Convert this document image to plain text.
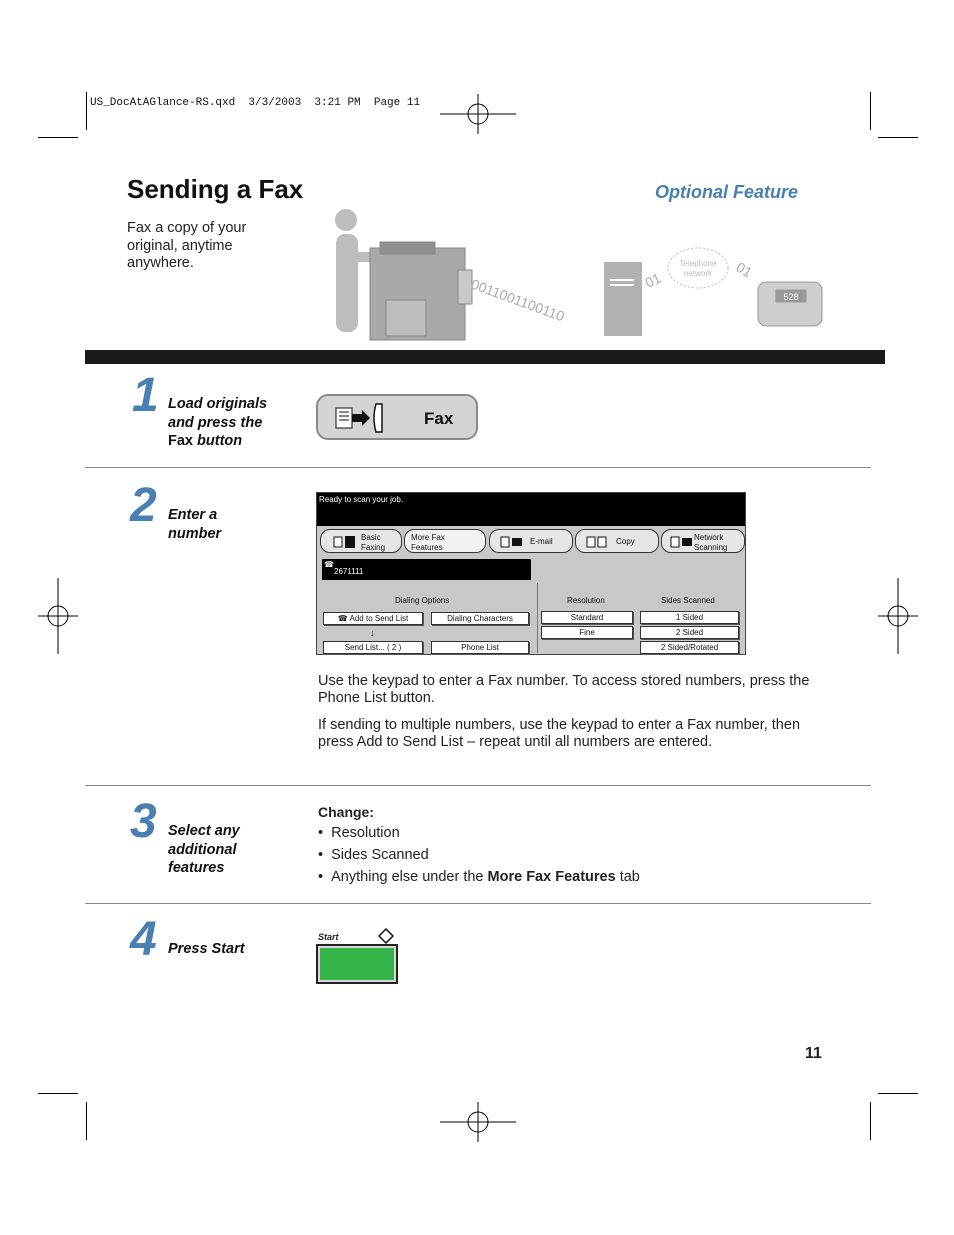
US_DocAtAGlance-RS.qxd  3/3/2003  3:21 PM  Page 11
Sending a Fax	Optional Feature
Fax a copy of your original, anytime anywhere.
0011001100110	01
Telephone
network 01
528
1 Load originals
and press the
Fax button
Fax
2 Enter a
number
Ready to scan your job.
Basic
Faxing
More Fax
Features
E-mail	Copy	Network
Scanning
☎
2671111
Dialing Options
☎ Add to Send List	Dialing Characters
↓
Send List... ( 2 )	Phone List
Resolution
Standard
Fine
Sides Scanned
1 Sided
2 Sided
2 Sided/Rotated
Use the keypad to enter a Fax number. To access stored numbers, press the Phone List button.
If sending to multiple numbers, use the keypad to enter a Fax number, then press Add to Send List – repeat until all numbers are entered.
3 Select any
additional
features
Change:
• Resolution
• Sides Scanned
• Anything else under the More Fax Features tab
4 Press Start
Start
11
